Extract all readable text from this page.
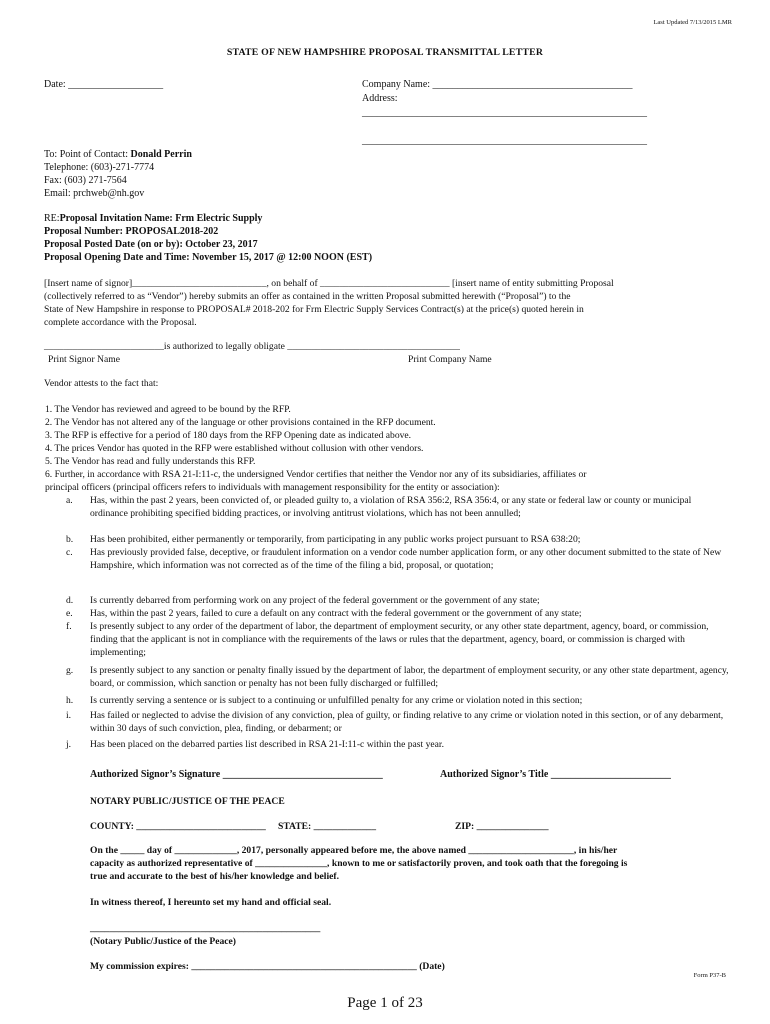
Last Updated 7/13/2015 LMR
STATE OF NEW HAMPSHIRE PROPOSAL TRANSMITTAL LETTER
Date: ___________________	Company Name: ________________________________________
Address:
_________________________________________________________
_________________________________________________________
To: Point of Contact: Donald Perrin
Telephone: (603)-271-7774
Fax: (603) 271-7564
Email: prchweb@nh.gov
RE:Proposal Invitation Name: Frm Electric Supply
Proposal Number: PROPOSAL2018-202
Proposal Posted Date (on or by): October 23, 2017
Proposal Opening Date and Time: November 15, 2017 @ 12:00 NOON (EST)
[Insert name of signor]____________________________, on behalf of ___________________________ [insert name of entity submitting Proposal
(collectively referred to as “Vendor”) hereby submits an offer as contained in the written Proposal submitted herewith (“Proposal”) to the
State of New Hampshire in response to PROPOSAL# 2018-202 for Frm Electric Supply Services Contract(s) at the price(s) quoted herein in
complete accordance with the Proposal.
_________________________is authorized to legally obligate ____________________________________
Print Signor Name	Print Company Name
Vendor attests to the fact that:
1. The Vendor has reviewed and agreed to be bound by the RFP.
2. The Vendor has not altered any of the language or other provisions contained in the RFP document.
3. The RFP is effective for a period of 180 days from the RFP Opening date as indicated above.
4. The prices Vendor has quoted in the RFP were established without collusion with other vendors.
5. The Vendor has read and fully understands this RFP.
6. Further, in accordance with RSA 21-I:11-c, the undersigned Vendor certifies that neither the Vendor nor any of its subsidiaries, affiliates or
principal officers (principal officers refers to individuals with management responsibility for the entity or association):
a.	Has, within the past 2 years, been convicted of, or pleaded guilty to, a violation of RSA 356:2, RSA 356:4, or any state or federal law or county or municipal ordinance prohibiting specified bidding practices, or involving antitrust violations, which has not been annulled;
b.	Has been prohibited, either permanently or temporarily, from participating in any public works project pursuant to RSA 638:20;
c.	Has previously provided false, deceptive, or fraudulent information on a vendor code number application form, or any other document submitted to the state of New Hampshire, which information was not corrected as of the time of the filing a bid, proposal, or quotation;
d.	Is currently debarred from performing work on any project of the federal government or the government of any state;
e.	Has, within the past 2 years, failed to cure a default on any contract with the federal government or the government of any state;
f.	Is presently subject to any order of the department of labor, the department of employment security, or any other state department, agency, board, or commission, finding that the applicant is not in compliance with the requirements of the laws or rules that the department, agency, board, or commission is charged with implementing;
g.	Is presently subject to any sanction or penalty finally issued by the department of labor, the department of employment security, or any other state department, agency, board, or commission, which sanction or penalty has not been fully discharged or fulfilled;
h.	Is currently serving a sentence or is subject to a continuing or unfulfilled penalty for any crime or violation noted in this section;
i.	Has failed or neglected to advise the division of any conviction, plea of guilty, or finding relative to any crime or violation noted in this section, or of any debarment, within 30 days of such conviction, plea, finding, or debarment; or
j.	Has been placed on the debarred parties list described in RSA 21-I:11-c within the past year.
Authorized Signor’s Signature ________________________________	Authorized Signor’s Title ________________________
NOTARY PUBLIC/JUSTICE OF THE PEACE
COUNTY: ___________________________ STATE: _____________	ZIP: _______________
On the _____ day of _____________, 2017, personally appeared before me, the above named ______________________, in his/her
capacity as authorized representative of _______________, known to me or satisfactorily proven, and took oath that the foregoing is
true and accurate to the best of his/her knowledge and belief.
In witness thereof, I hereunto set my hand and official seal.
________________________________________________
(Notary Public/Justice of the Peace)
My commission expires: _______________________________________________ (Date)
Form P37-B
Page 1 of 23
